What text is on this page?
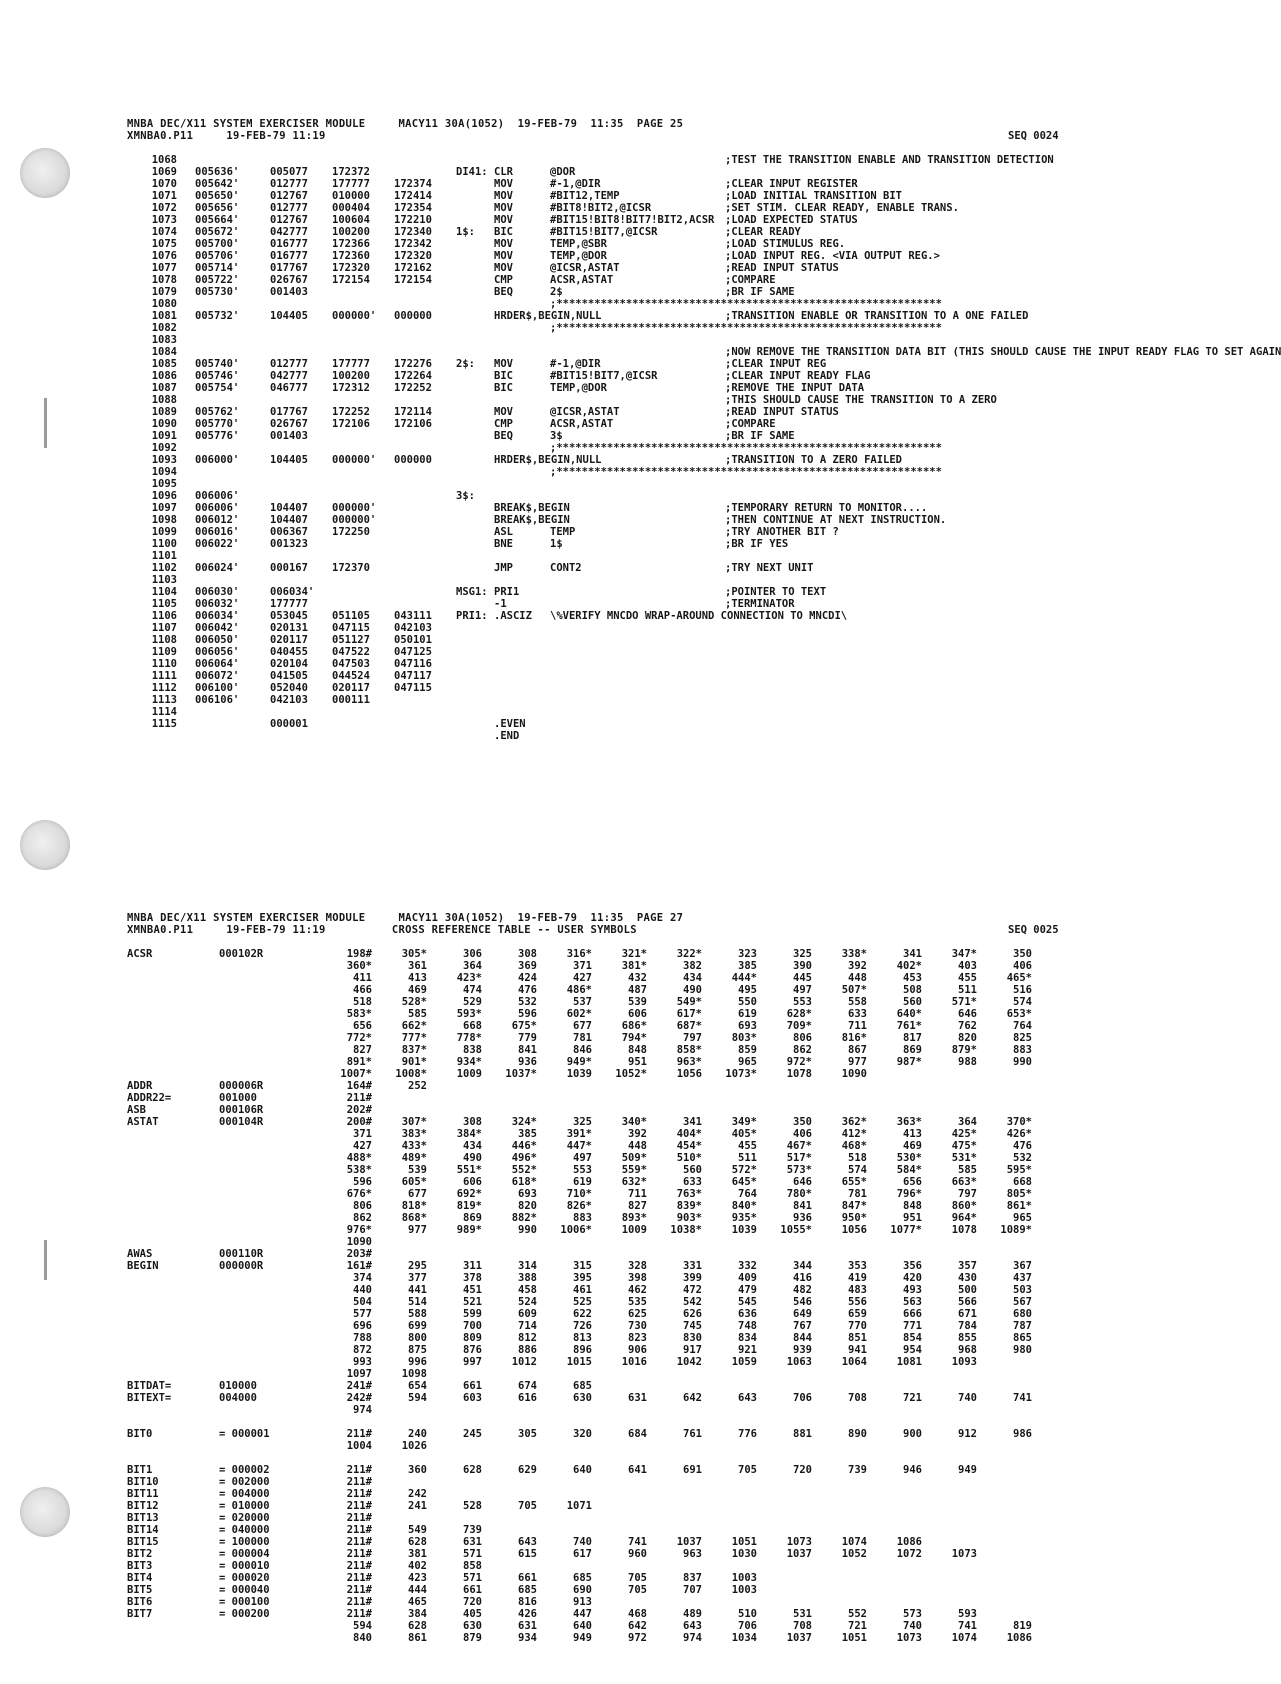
MNBA DEC/X11 SYSTEM EXERCISER MODULE     MACY11 30A(1052)  19-FEB-79  11:35  PAGE 25
XMNBA0.P11     19-FEB-79 11:19	SEQ 0024
1068	;TEST THE TRANSITION ENABLE AND TRANSITION DETECTION
1069 005636'	005077 172372	DI41: CLR	@DOR
1070 005642'	012777 177777 172374	MOV	#-1,@DIR	;CLEAR INPUT REGISTER
1071 005650'	012767 010000 172414	MOV	#BIT12,TEMP	;LOAD INITIAL TRANSITION BIT
1072 005656'	012777 000404 172354	MOV	#BIT8!BIT2,@ICSR	;SET STIM. CLEAR READY, ENABLE TRANS.
1073 005664'	012767 100604 172210	MOV	#BIT15!BIT8!BIT7!BIT2,ACSR ;LOAD EXPECTED STATUS
1074 005672'	042777 100200 172340 1$: BIC	#BIT15!BIT7,@ICSR	;CLEAR READY
1075 005700'	016777 172366 172342	MOV	TEMP,@SBR	;LOAD STIMULUS REG.
1076 005706'	016777 172360 172320	MOV	TEMP,@DOR	;LOAD INPUT REG. <VIA OUTPUT REG.>
1077 005714'	017767 172320 172162	MOV	@ICSR,ASTAT	;READ INPUT STATUS
1078 005722'	026767 172154 172154	CMP	ACSR,ASTAT	;COMPARE
1079 005730'	001403	BEQ	2$	;BR IF SAME
1080	;*************************************************************
1081 005732'	104405 000000' 000000	HRDER$,BEGIN,NULL	;TRANSITION ENABLE OR TRANSITION TO A ONE FAILED
1082	;*************************************************************
1083
1084	;NOW REMOVE THE TRANSITION DATA BIT (THIS SHOULD CAUSE THE INPUT READY FLAG TO SET AGAIN
1085 005740'	012777 177777 172276 2$: MOV	#-1,@DIR	;CLEAR INPUT REG
1086 005746'	042777 100200 172264	BIC	#BIT15!BIT7,@ICSR	;CLEAR INPUT READY FLAG
1087 005754'	046777 172312 172252	BIC	TEMP,@DOR	;REMOVE THE INPUT DATA
1088	;THIS SHOULD CAUSE THE TRANSITION TO A ZERO
1089 005762'	017767 172252 172114	MOV	@ICSR,ASTAT	;READ INPUT STATUS
1090 005770'	026767 172106 172106	CMP	ACSR,ASTAT	;COMPARE
1091 005776'	001403	BEQ	3$	;BR IF SAME
1092	;*************************************************************
1093 006000'	104405 000000' 000000	HRDER$,BEGIN,NULL	;TRANSITION TO A ZERO FAILED
1094	;*************************************************************
1095
1096 006006'	3$:
1097 006006'	104407 000000'	BREAK$,BEGIN	;TEMPORARY RETURN TO MONITOR....
1098 006012'	104407 000000'	BREAK$,BEGIN	;THEN CONTINUE AT NEXT INSTRUCTION.
1099 006016'	006367 172250	ASL	TEMP	;TRY ANOTHER BIT ?
1100 006022'	001323	BNE	1$	;BR IF YES
1101
1102 006024'	000167 172370	JMP	CONT2	;TRY NEXT UNIT
1103
1104 006030'	006034'	MSG1: PRI1	;POINTER TO TEXT
1105 006032'	177777	-1	;TERMINATOR
1106 006034'	053045 051105 043111 PRI1: .ASCIZ \%VERIFY MNCDO WRAP-AROUND CONNECTION TO MNCDI\
1107 006042'	020131 047115 042103
1108 006050'	020117 051127 050101
1109 006056'	040455 047522 047125
1110 006064'	020104 047503 047116
1111 006072'	041505 044524 047117
1112 006100'	052040 020117 047115
1113 006106'	042103 000111
1114
1115	000001	.EVEN
.END
MNBA DEC/X11 SYSTEM EXERCISER MODULE     MACY11 30A(1052)  19-FEB-79  11:35  PAGE 27
XMNBA0.P11     19-FEB-79 11:19          CROSS REFERENCE TABLE -- USER SYMBOLS	SEQ 0025
ACSR	000102R	198#	305*	306	308	316*	321*	322*	323	325	338*	341	347*	350
360*	361	364	369	371	381*	382	385	390	392	402*	403	406
411	413	423*	424	427	432	434	444*	445	448	453	455	465*
466	469	474	476	486*	487	490	495	497	507*	508	511	516
518	528*	529	532	537	539	549*	550	553	558	560	571*	574
583*	585	593*	596	602*	606	617*	619	628*	633	640*	646	653*
656	662*	668	675*	677	686*	687*	693	709*	711	761*	762	764
772*	777*	778*	779	781	794*	797	803*	806	816*	817	820	825
827	837*	838	841	846	848	858*	859	862	867	869	879*	883
891*	901*	934*	936	949*	951	963*	965	972*	977	987*	988	990
1007* 1008*	1009 1037*	1039 1052*	1056 1073*	1078	1090
ADDR	000006R	164#	252
ADDR22=	001000	211#
ASB	000106R	202#
ASTAT	000104R	200#	307*	308	324*	325	340*	341	349*	350	362*	363*	364	370*
371	383*	384*	385	391*	392	404*	405*	406	412*	413	425*	426*
427	433*	434	446*	447*	448	454*	455	467*	468*	469	475*	476
488*	489*	490	496*	497	509*	510*	511	517*	518	530*	531*	532
538*	539	551*	552*	553	559*	560	572*	573*	574	584*	585	595*
596	605*	606	618*	619	632*	633	645*	646	655*	656	663*	668
676*	677	692*	693	710*	711	763*	764	780*	781	796*	797	805*
806	818*	819*	820	826*	827	839*	840*	841	847*	848	860*	861*
862	868*	869	882*	883	893*	903*	935*	936	950*	951	964*	965
976*	977	989*	990 1006*	1009 1038*	1039 1055*	1056 1077*	1078 1089*
1090
AWAS	000110R	203#
BEGIN	000000R	161#	295	311	314	315	328	331	332	344	353	356	357	367
374	377	378	388	395	398	399	409	416	419	420	430	437
440	441	451	458	461	462	472	479	482	483	493	500	503
504	514	521	524	525	535	542	545	546	556	563	566	567
577	588	599	609	622	625	626	636	649	659	666	671	680
696	699	700	714	726	730	745	748	767	770	771	784	787
788	800	809	812	813	823	830	834	844	851	854	855	865
872	875	876	886	896	906	917	921	939	941	954	968	980
993	996	997	1012	1015	1016	1042	1059	1063	1064	1081	1093
1097	1098
BITDAT=	010000	241#	654	661	674	685
BITEXT=	004000	242#	594	603	616	630	631	642	643	706	708	721	740	741
974
BIT0	= 000001	211#	240	245	305	320	684	761	776	881	890	900	912	986
1004	1026
BIT1	= 000002	211#	360	628	629	640	641	691	705	720	739	946	949
BIT10	= 002000	211#
BIT11	= 004000	211#	242
BIT12	= 010000	211#	241	528	705	1071
BIT13	= 020000	211#
BIT14	= 040000	211#	549	739
BIT15	= 100000	211#	628	631	643	740	741	1037	1051	1073	1074	1086
BIT2	= 000004	211#	381	571	615	617	960	963	1030	1037	1052	1072	1073
BIT3	= 000010	211#	402	858
BIT4	= 000020	211#	423	571	661	685	705	837	1003
BIT5	= 000040	211#	444	661	685	690	705	707	1003
BIT6	= 000100	211#	465	720	816	913
BIT7	= 000200	211#	384	405	426	447	468	489	510	531	552	573	593
594	628	630	631	640	642	643	706	708	721	740	741	819
840	861	879	934	949	972	974	1034	1037	1051	1073	1074	1086
